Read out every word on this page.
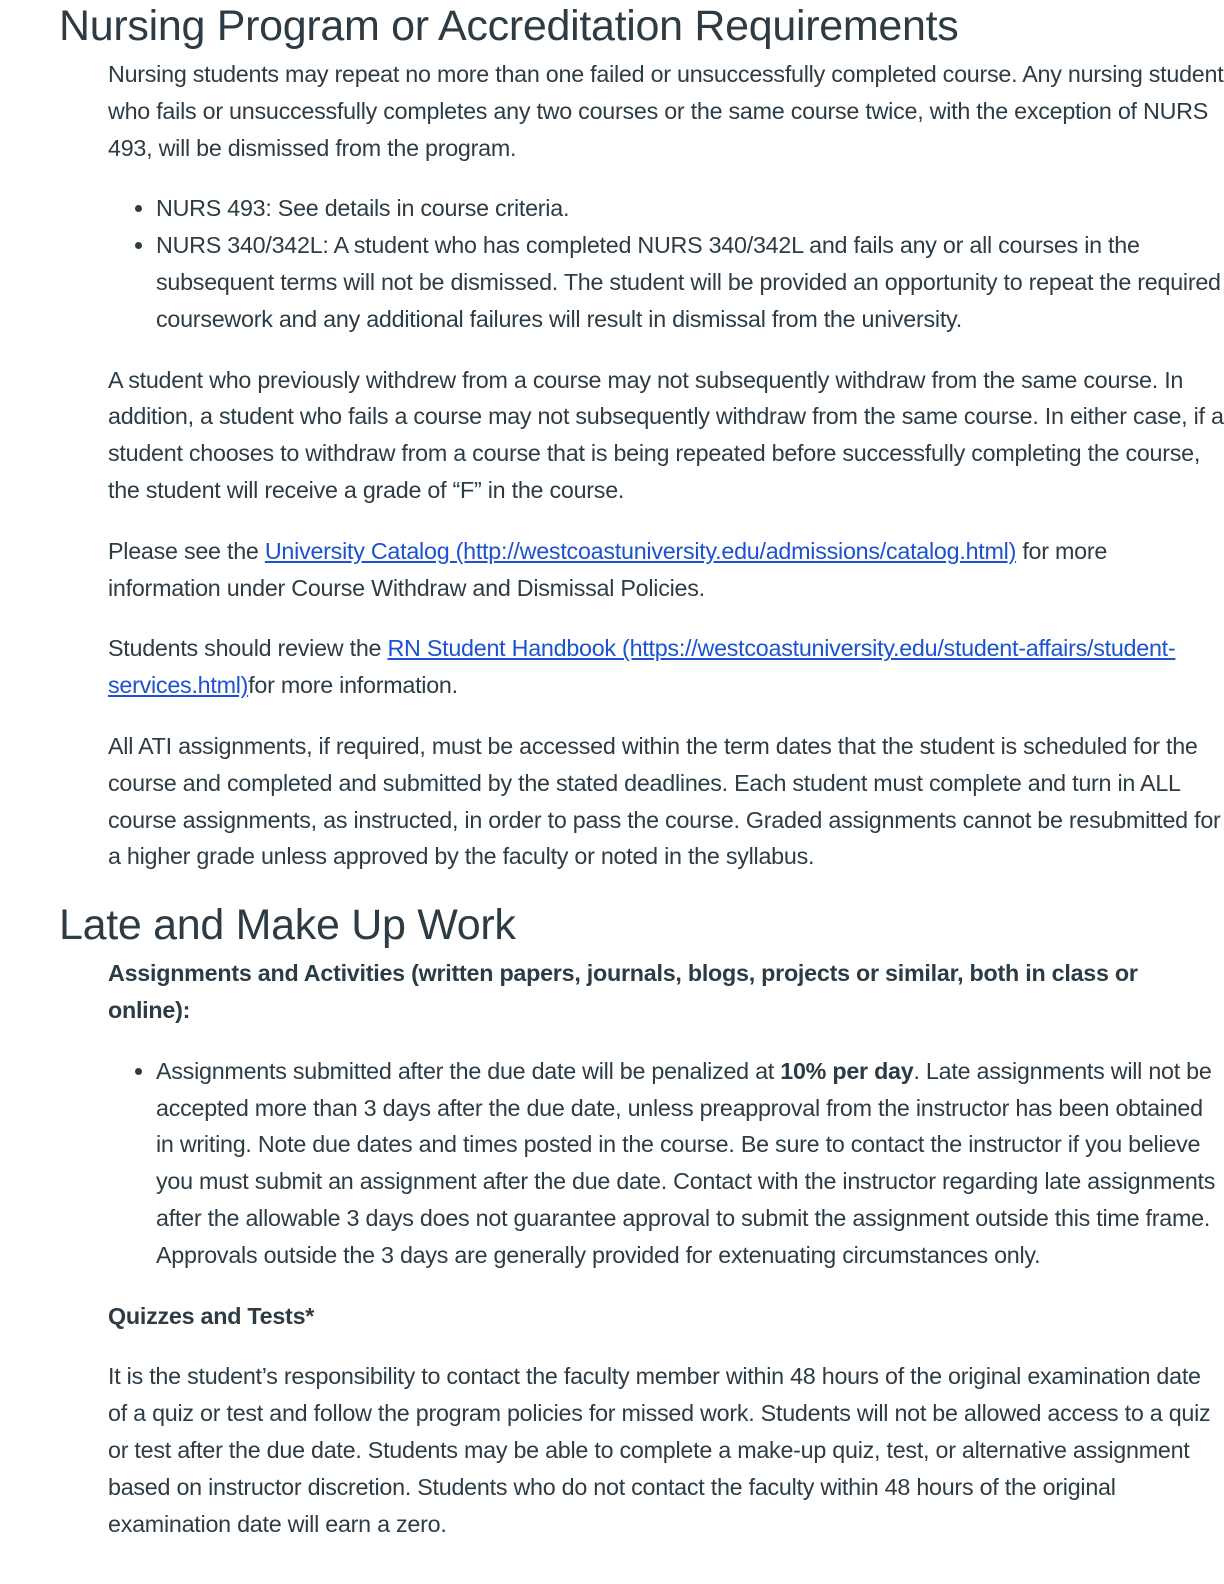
Nursing Program or Accreditation Requirements

Nursing students may repeat no more than one failed or unsuccessfully completed course. Any nursing student who fails or unsuccessfully completes any two courses or the same course twice, with the exception of NURS 493, will be dismissed from the program.

• NURS 493: See details in course criteria.
• NURS 340/342L: A student who has completed NURS 340/342L and fails any or all courses in the subsequent terms will not be dismissed. The student will be provided an opportunity to repeat the required coursework and any additional failures will result in dismissal from the university.

A student who previously withdrew from a course may not subsequently withdraw from the same course. In addition, a student who fails a course may not subsequently withdraw from the same course. In either case, if a student chooses to withdraw from a course that is being repeated before successfully completing the course, the student will receive a grade of “F” in the course.

Please see the University Catalog (http://westcoastuniversity.edu/admissions/catalog.html) for more information under Course Withdraw and Dismissal Policies.

Students should review the RN Student Handbook (https://westcoastuniversity.edu/student-affairs/student-services.html)for more information.

All ATI assignments, if required, must be accessed within the term dates that the student is scheduled for the course and completed and submitted by the stated deadlines. Each student must complete and turn in ALL course assignments, as instructed, in order to pass the course. Graded assignments cannot be resubmitted for a higher grade unless approved by the faculty or noted in the syllabus.

Late and Make Up Work

Assignments and Activities (written papers, journals, blogs, projects or similar, both in class or online):

• Assignments submitted after the due date will be penalized at 10% per day. Late assignments will not be accepted more than 3 days after the due date, unless preapproval from the instructor has been obtained in writing. Note due dates and times posted in the course. Be sure to contact the instructor if you believe you must submit an assignment after the due date. Contact with the instructor regarding late assignments after the allowable 3 days does not guarantee approval to submit the assignment outside this time frame. Approvals outside the 3 days are generally provided for extenuating circumstances only.

Quizzes and Tests*

It is the student’s responsibility to contact the faculty member within 48 hours of the original examination date of a quiz or test and follow the program policies for missed work. Students will not be allowed access to a quiz or test after the due date. Students may be able to complete a make-up quiz, test, or alternative assignment based on instructor discretion. Students who do not contact the faculty within 48 hours of the original examination date will earn a zero.
